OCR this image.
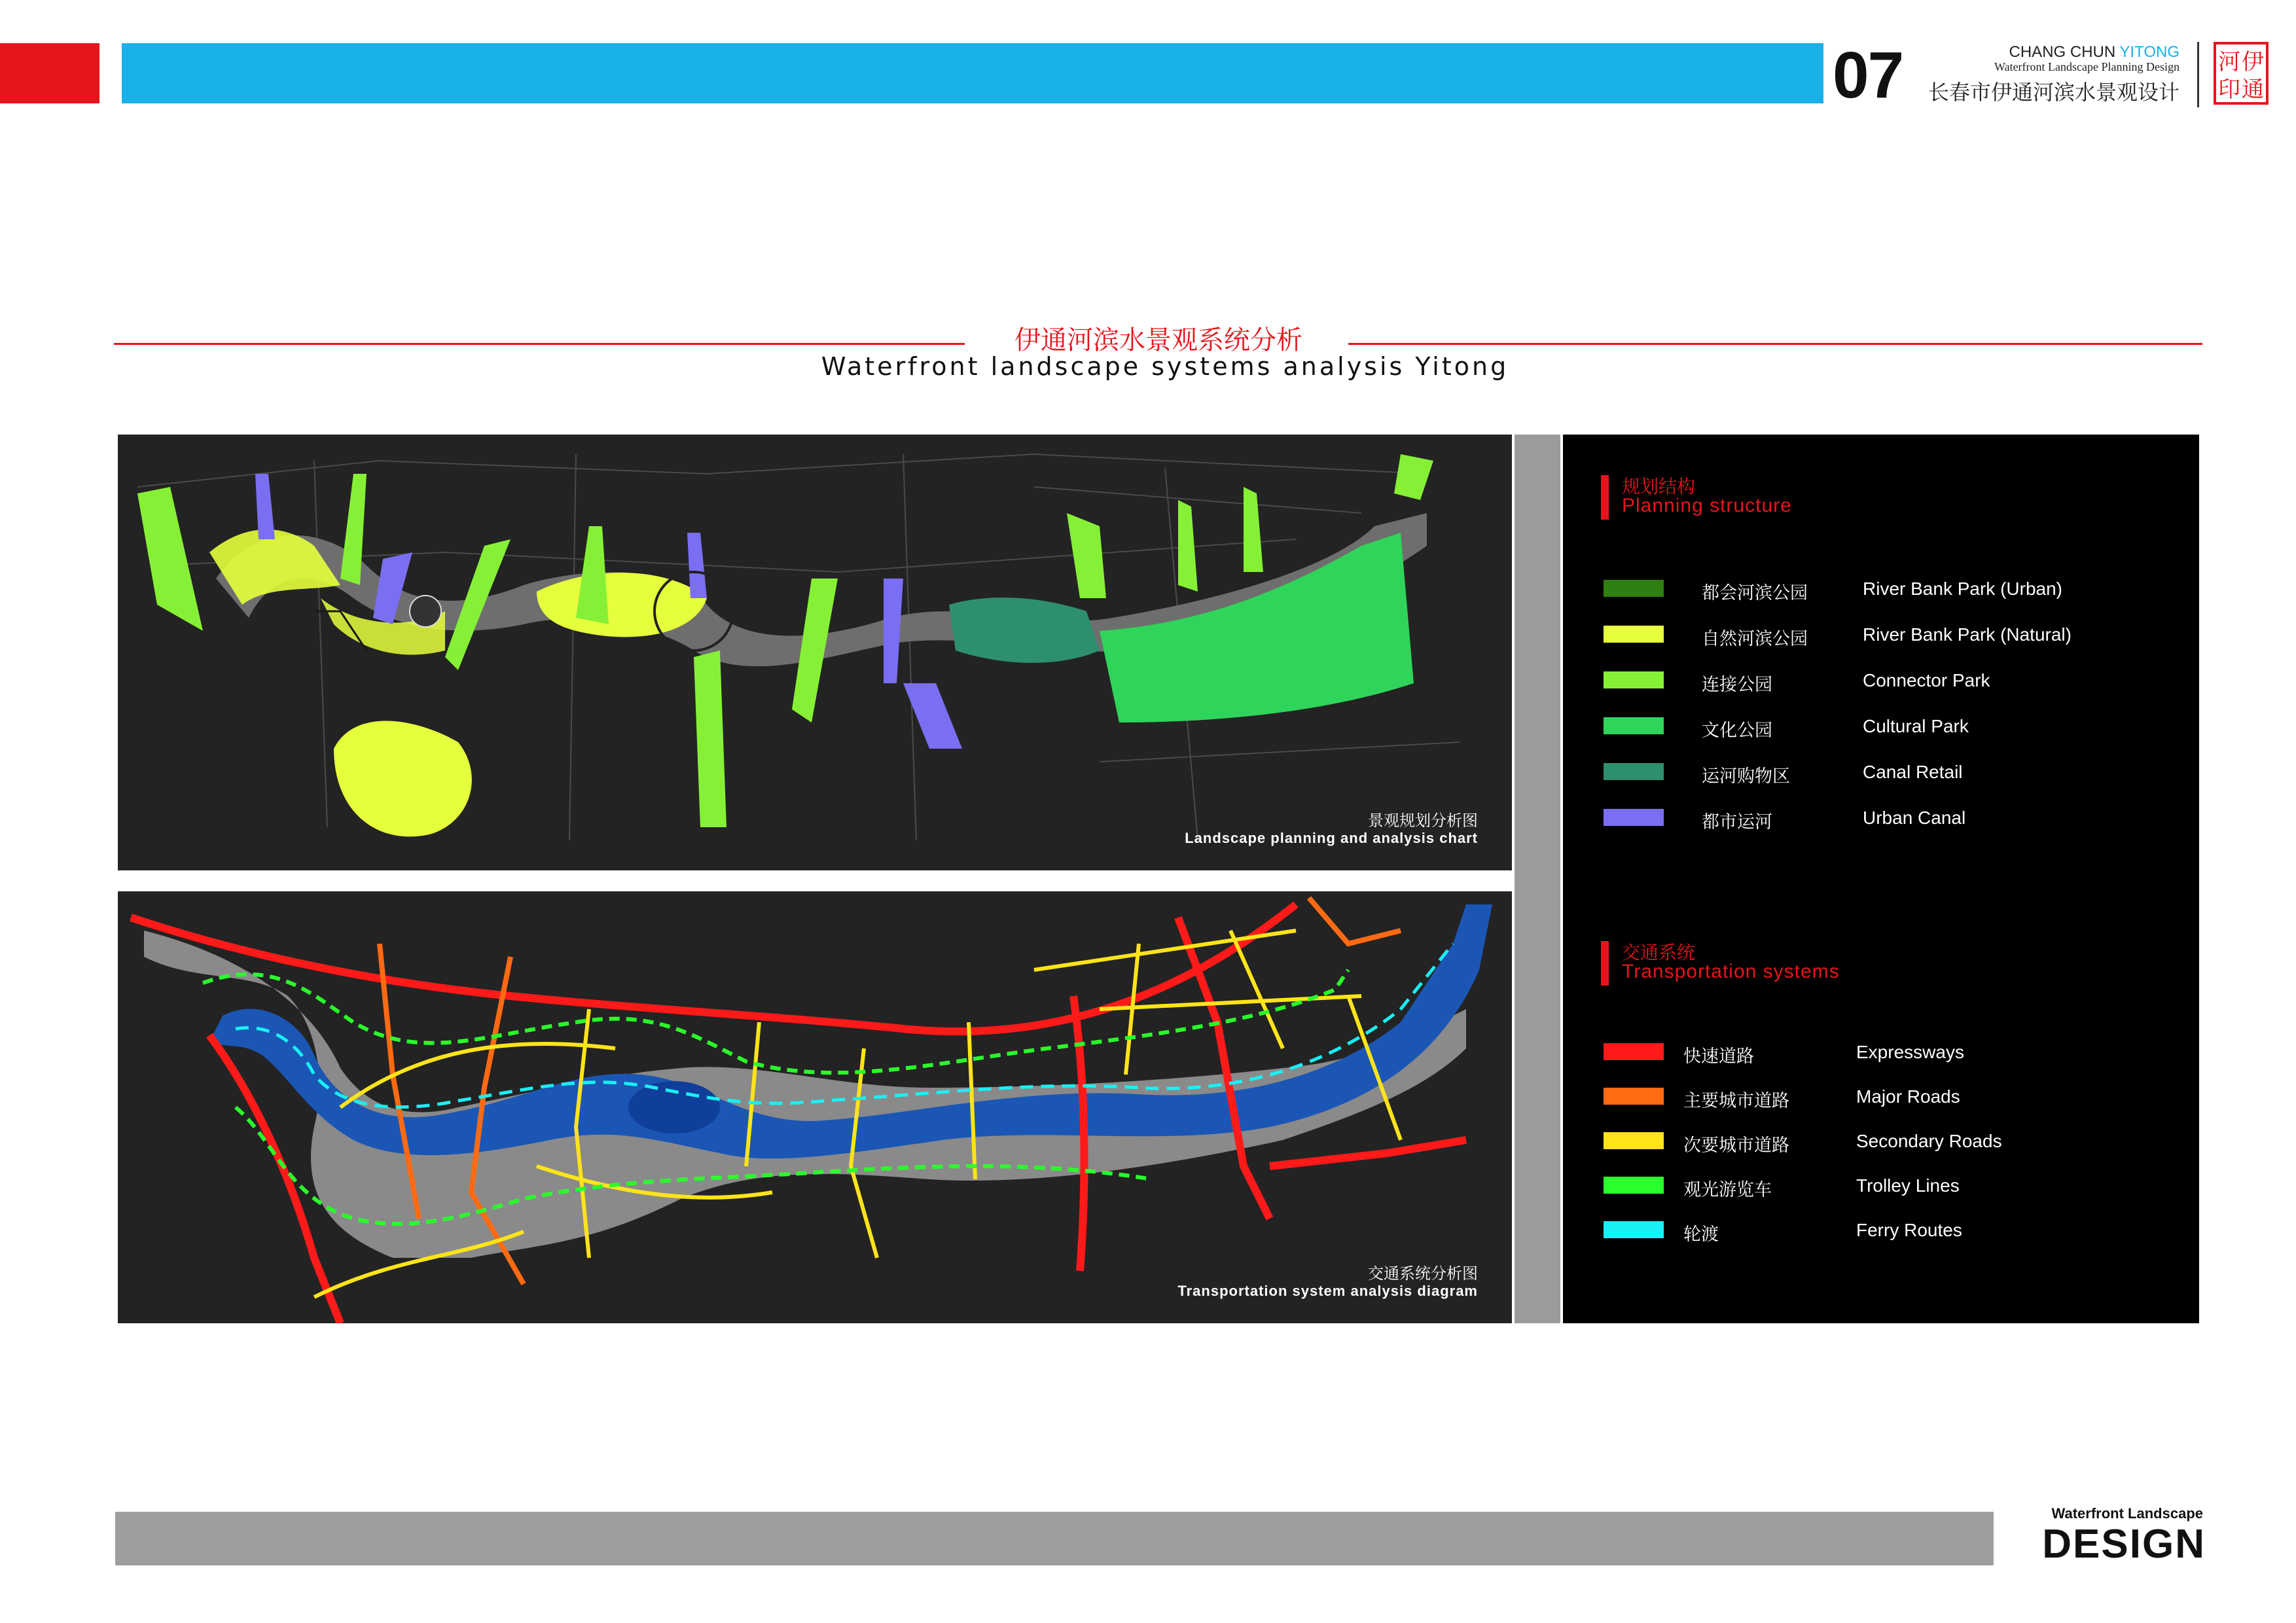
07	CHANG CHUN YITONG
Waterfront Landscape Planning Design
长春市伊通河滨水景观设计
河 伊
印 通
伊通河滨水景观系统分析
Waterfront landscape systems analysis Yitong
景观规划分析图
Landscape planning and analysis chart
交通系统分析图
Transportation system analysis diagram
规划结构
Planning structure
都会河滨公园	River Bank Park (Urban)
自然河滨公园	River Bank Park (Natural)
连接公园	Connector Park
文化公园	Cultural Park
运河购物区	Canal Retail
都市运河	Urban Canal
交通系统
Transportation systems
快速道路	Expressways
主要城市道路	Major Roads
次要城市道路	Secondary Roads
观光游览车	Trolley Lines
轮渡	Ferry Routes
Waterfront Landscape
DESIGN
